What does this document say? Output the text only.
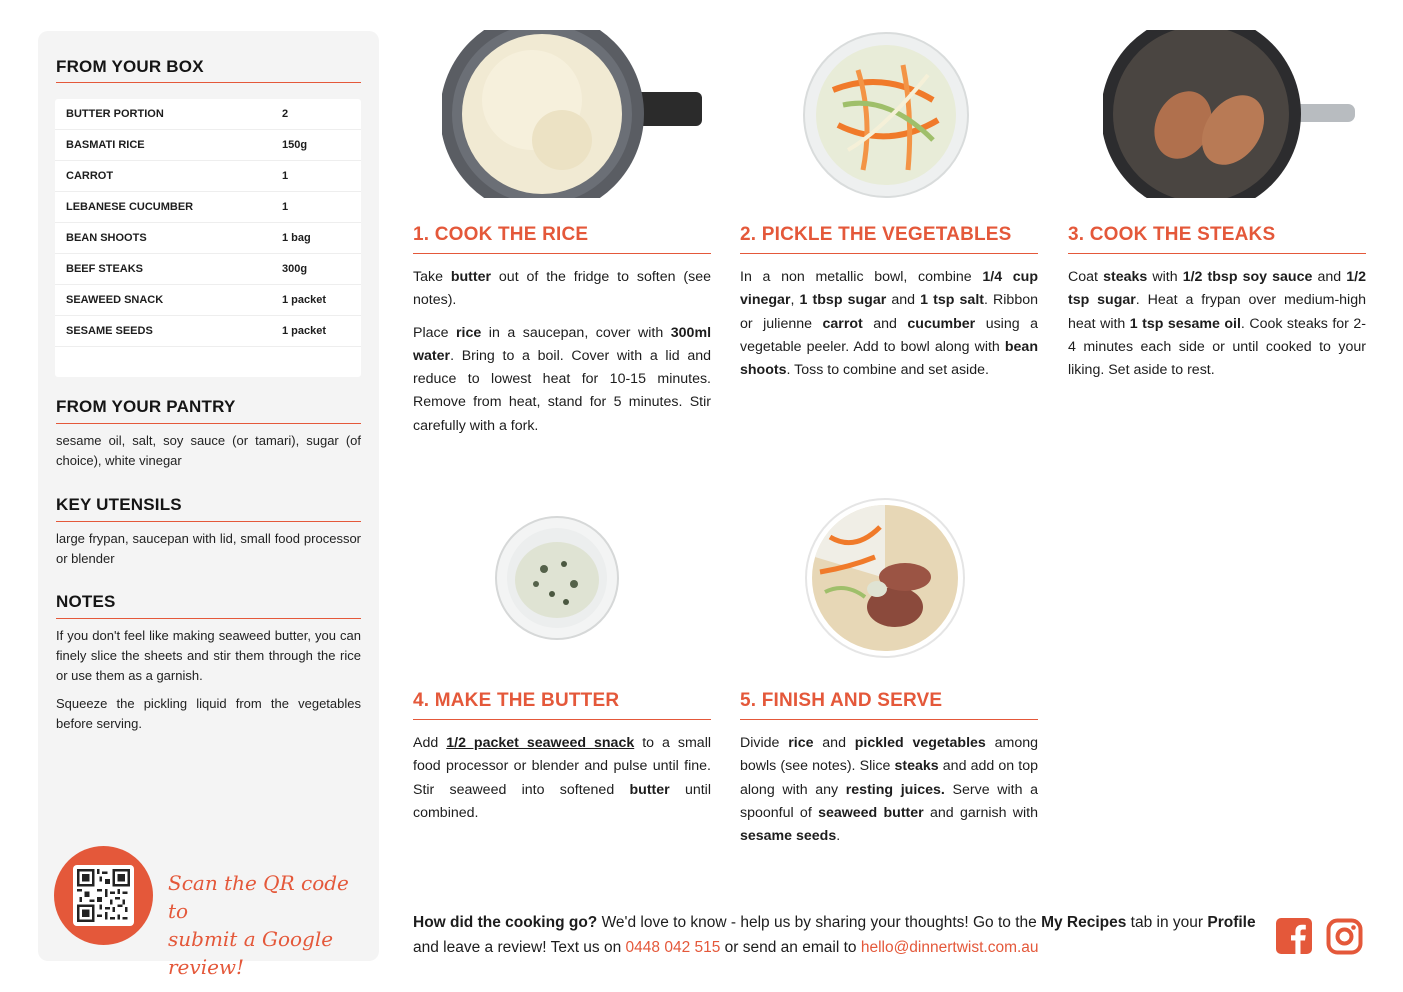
FROM YOUR BOX
BUTTER PORTION	2
BASMATI RICE	150g
CARROT	1
LEBANESE CUCUMBER	1
BEAN SHOOTS	1 bag
BEEF STEAKS	300g
SEAWEED SNACK	1 packet
SESAME SEEDS	1 packet
FROM YOUR PANTRY
sesame oil, salt, soy sauce (or tamari), sugar (of choice), white vinegar
KEY UTENSILS
large frypan, saucepan with lid, small food processor or blender
NOTES
If you don't feel like making seaweed butter, you can finely slice the sheets and stir them through the rice or use them as a garnish.
Squeeze the pickling liquid from the vegetables before serving.
Scan the QR code to
submit a Google review!
1. COOK THE RICE

Take butter out of the fridge to soften (see notes).

Place rice in a saucepan, cover with 300ml water. Bring to a boil. Cover with a lid and reduce to lowest heat for 10-15 minutes. Remove from heat, stand for 5 minutes. Stir carefully with a fork.

2. PICKLE THE VEGETABLES

In a non metallic bowl, combine 1/4 cup vinegar, 1 tbsp sugar and 1 tsp salt. Ribbon or julienne carrot and cucumber using a vegetable peeler. Add to bowl along with bean shoots. Toss to combine and set aside.

3. COOK THE STEAKS

Coat steaks with 1/2 tbsp soy sauce and 1/2 tsp sugar. Heat a frypan over medium-high heat with 1 tsp sesame oil. Cook steaks for 2-4 minutes each side or until cooked to your liking. Set aside to rest.

4. MAKE THE BUTTER

Add 1/2 packet seaweed snack to a small food processor or blender and pulse until fine. Stir seaweed into softened butter until combined.

5. FINISH AND SERVE

Divide rice and pickled vegetables among bowls (see notes). Slice steaks and add on top along with any resting juices. Serve with a spoonful of seaweed butter and garnish with sesame seeds.

How did the cooking go? We'd love to know - help us by sharing your thoughts! Go to the My Recipes tab in your Profile and leave a review! Text us on 0448 042 515 or send an email to hello@dinnertwist.com.au
